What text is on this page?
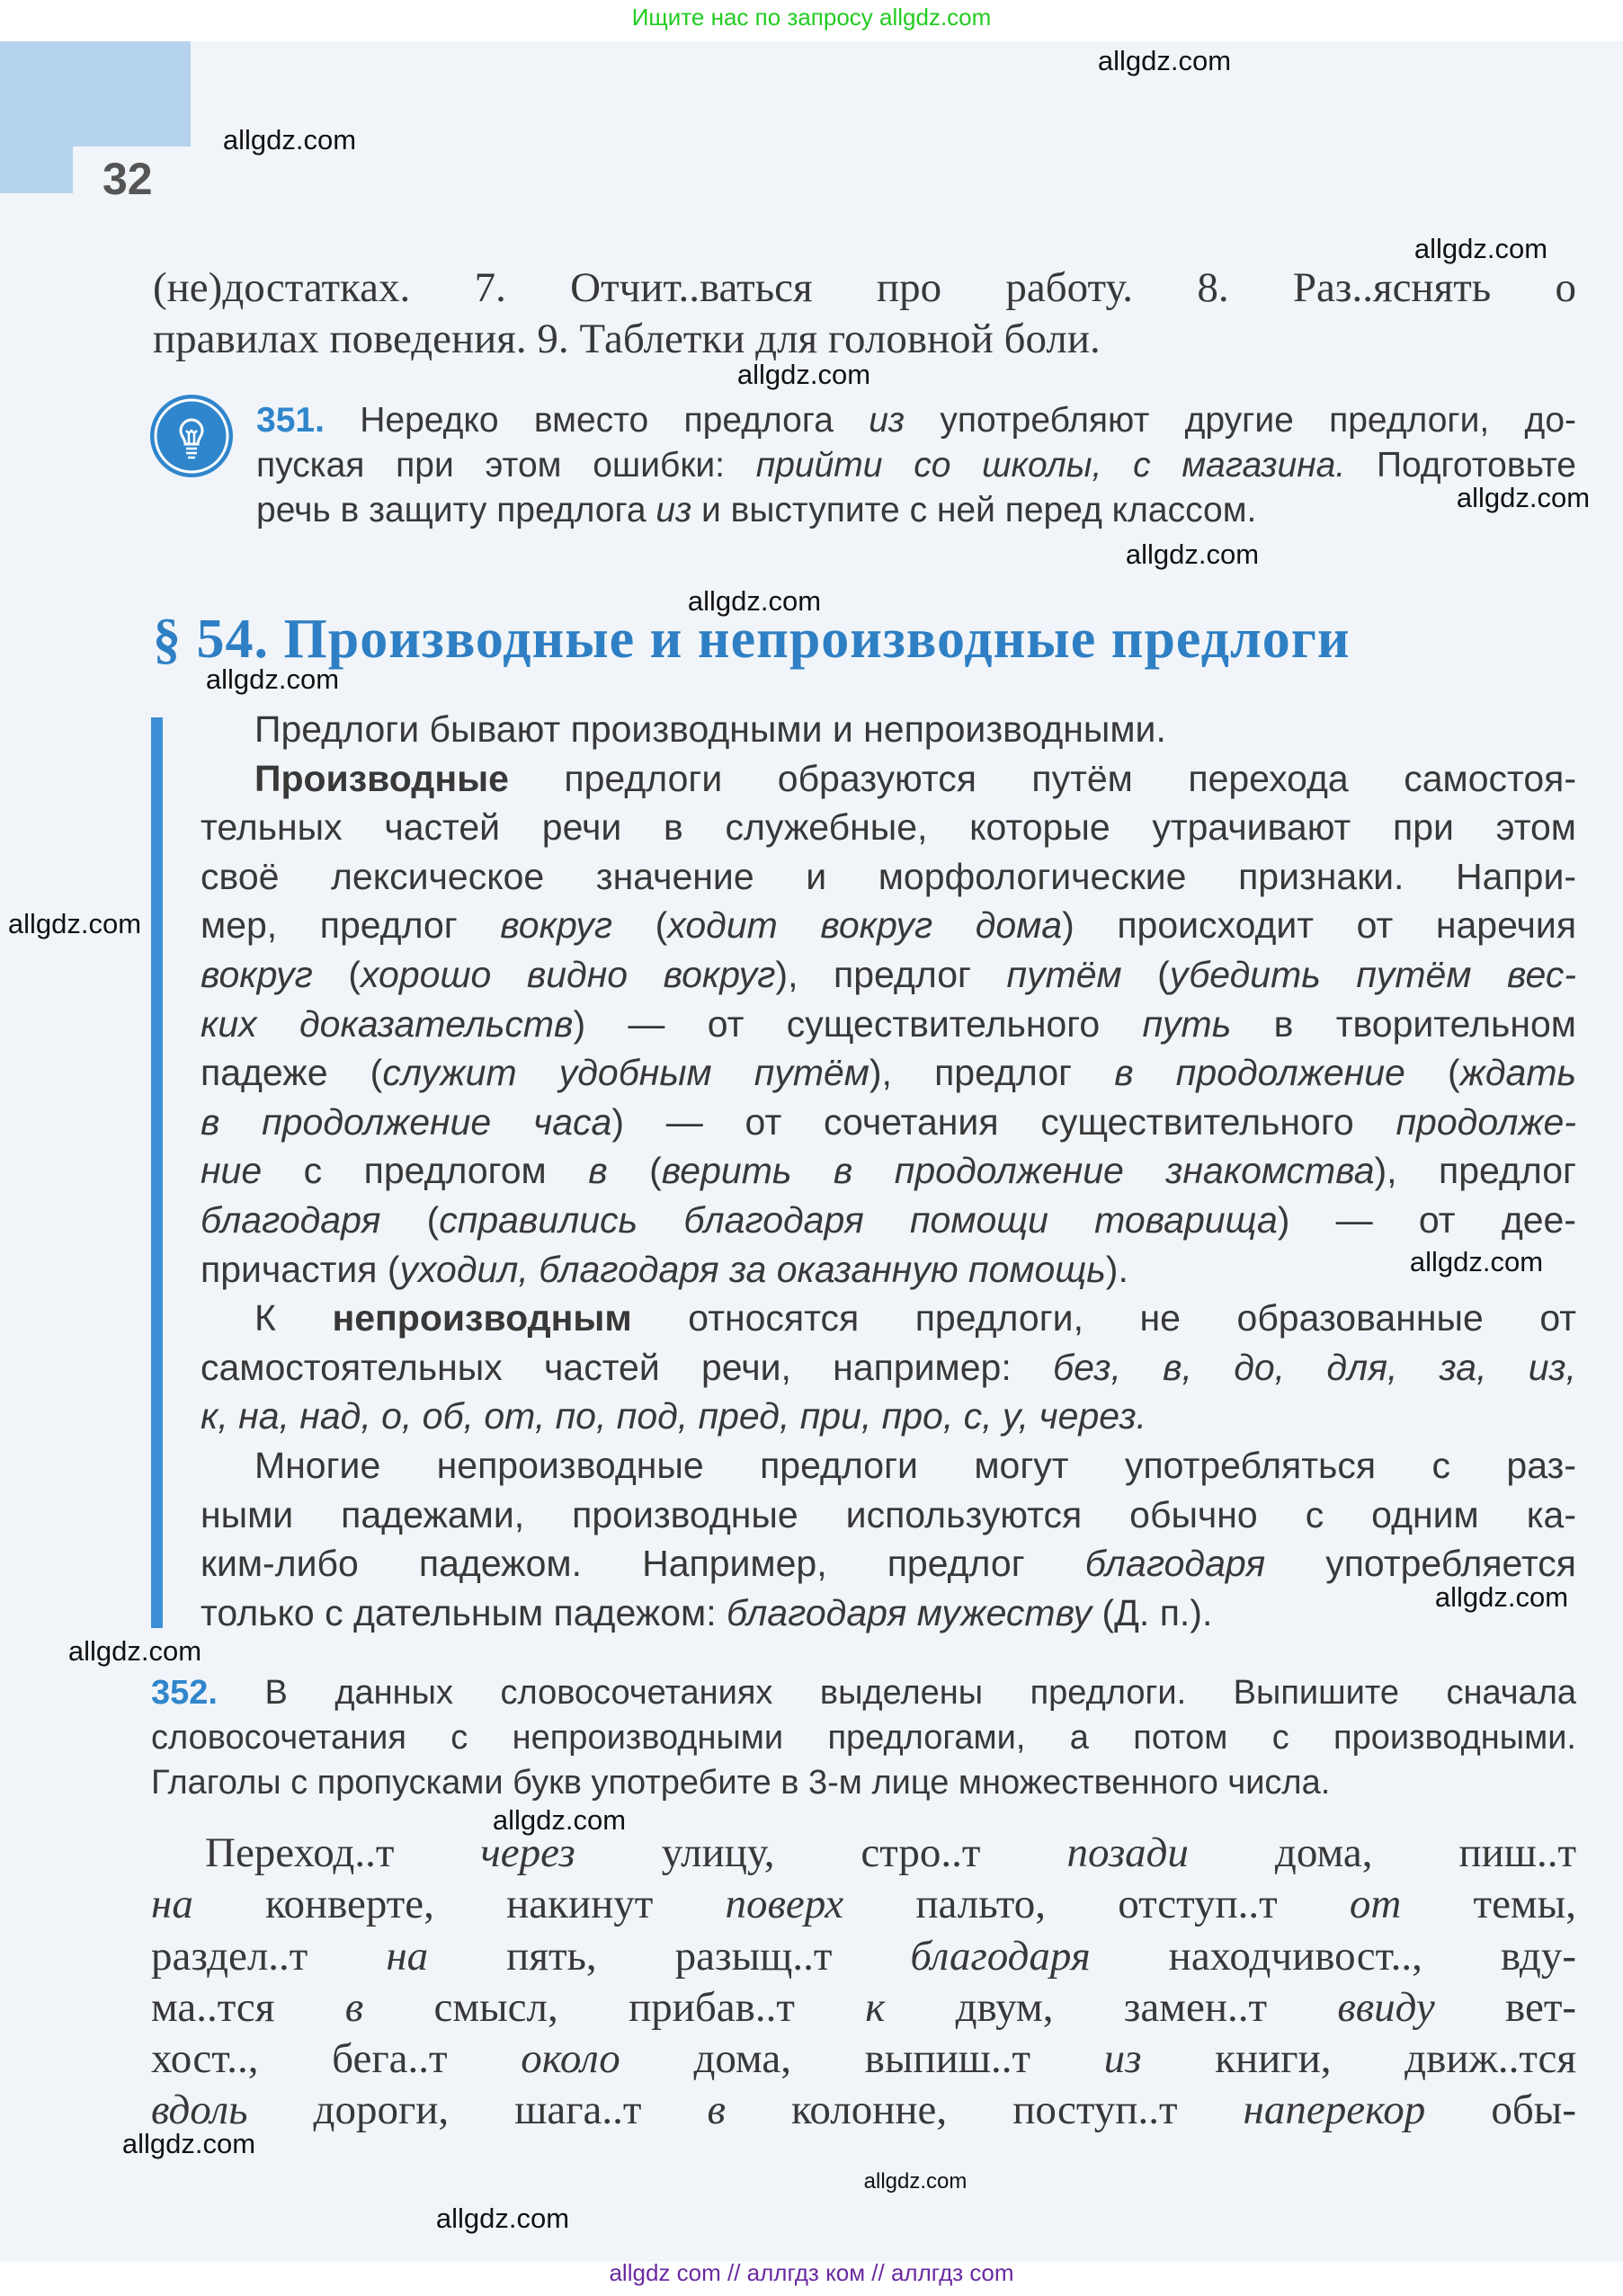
Ищите нас по запросу allgdz.com
32
(не)достатках. 7. Отчит..ваться про работу. 8. Раз..яснять о
правилах поведения. 9. Таблетки для головной боли.
351. Нередко вместо предлога из употребляют другие предлоги, до-
пуская при этом ошибки: прийти со школы, с магазина. Подготовьте
речь в защиту предлога из и выступите с ней перед классом.
§ 54. Производные и непроизводные предлоги
Предлоги бывают производными и непроизводными.
Производные предлоги образуются путём перехода самостоя-
тельных частей речи в служебные, которые утрачивают при этом
своё лексическое значение и морфологические признаки. Напри-
мер, предлог вокруг (ходит вокруг дома) происходит от наречия
вокруг (хорошо видно вокруг), предлог путём (убедить путём вес-
ких доказательств) — от существительного путь в творительном
падеже (служит удобным путём), предлог в продолжение (ждать
в продолжение часа) — от сочетания существительного продолже-
ние с предлогом в (верить в продолжение знакомства), предлог
благодаря (справились благодаря помощи товарища) — от дее-
причастия (уходил, благодаря за оказанную помощь).
К непроизводным относятся предлоги, не образованные от
самостоятельных частей речи, например: без, в, до, для, за, из,
к, на, над, о, об, от, по, под, пред, при, про, с, у, через.
Многие непроизводные предлоги могут употребляться с раз-
ными падежами, производные используются обычно с одним ка-
ким-либо падежом. Например, предлог благодаря употребляется
только с дательным падежом: благодаря мужеству (Д. п.).
352. В данных словосочетаниях выделены предлоги. Выпишите сначала
словосочетания с непроизводными предлогами, а потом с производными.
Глаголы с пропусками букв употребите в 3-м лице множественного числа.
Переход..т через улицу, стро..т позади дома, пиш..т
на конверте, накинут поверх пальто, отступ..т от темы,
раздел..т на пять, разыщ..т благодаря находчивост.., вду-
ма..тся в смысл, прибав..т к двум, замен..т ввиду вет-
хост.., бега..т около дома, выпиш..т из книги, движ..тся
вдоль дороги, шага..т в колонне, поступ..т наперекор обы-
allgdz com // аллгдз ком // аллгдз com
allgdz.com
allgdz.com
allgdz.com
allgdz.com
allgdz.com
allgdz.com
allgdz.com
allgdz.com
allgdz.com
allgdz.com
allgdz.com
allgdz.com
allgdz.com
allgdz.com
allgdz.com
allgdz.com
